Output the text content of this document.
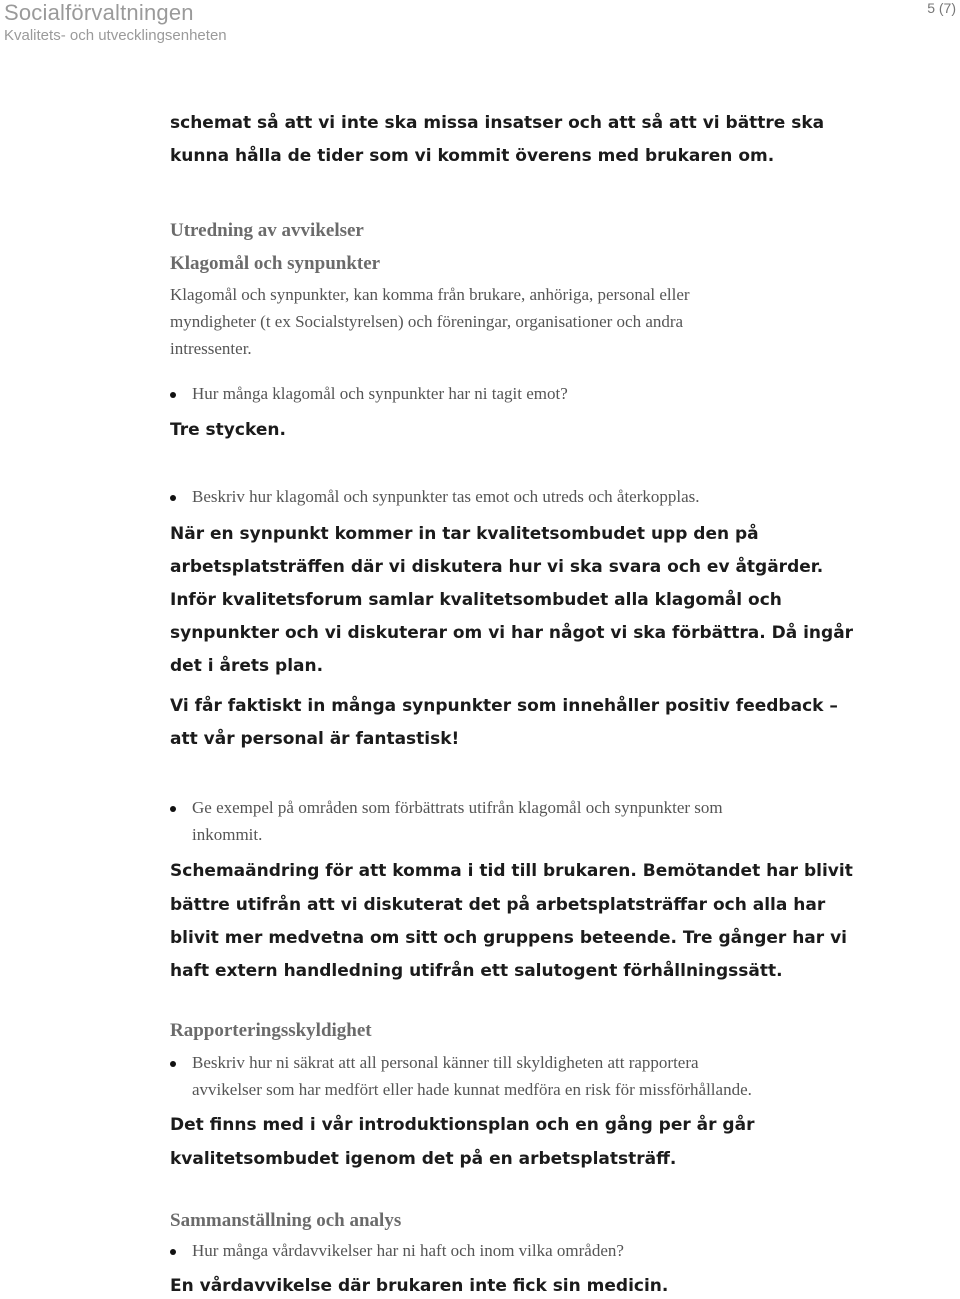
Socialförvaltningen
Kvalitets- och utvecklingsenheten
5 (7)

schemat så att vi inte ska missa insatser och att så att vi bättre ska

kunna hålla de tider som vi kommit överens med brukaren om.

Utredning av avvikelser

Klagomål och synpunkter

Klagomål och synpunkter, kan komma från brukare, anhöriga, personal eller

myndigheter (t ex Socialstyrelsen) och föreningar, organisationer och andra

intressenter.

Hur många klagomål och synpunkter har ni tagit emot?

Tre stycken.

Beskriv hur klagomål och synpunkter tas emot och utreds och återkopplas.

När en synpunkt kommer in tar kvalitetsombudet upp den på

arbetsplatsträffen där vi diskutera hur vi ska svara och ev åtgärder.

Inför kvalitetsforum samlar kvalitetsombudet alla klagomål och

synpunkter och vi diskuterar om vi har något vi ska förbättra. Då ingår

det i årets plan.

Vi får faktiskt in många synpunkter som innehåller positiv feedback –

att vår personal är fantastisk!

Ge exempel på områden som förbättrats utifrån klagomål och synpunkter som

inkommit.

Schemaändring för att komma i tid till brukaren. Bemötandet har blivit

bättre utifrån att vi diskuterat det på arbetsplatsträffar och alla har

blivit mer medvetna om sitt och gruppens beteende. Tre gånger har vi

haft extern handledning utifrån ett salutogent förhållningssätt.

Rapporteringsskyldighet

Beskriv hur ni säkrat att all personal känner till skyldigheten att rapportera

avvikelser som har medfört eller hade kunnat medföra en risk för missförhållande.

Det finns med i vår introduktionsplan och en gång per år går

kvalitetsombudet igenom det på en arbetsplatsträff.

Sammanställning och analys

Hur många vårdavvikelser har ni haft och inom vilka områden?

En vårdavvikelse där brukaren inte fick sin medicin.
